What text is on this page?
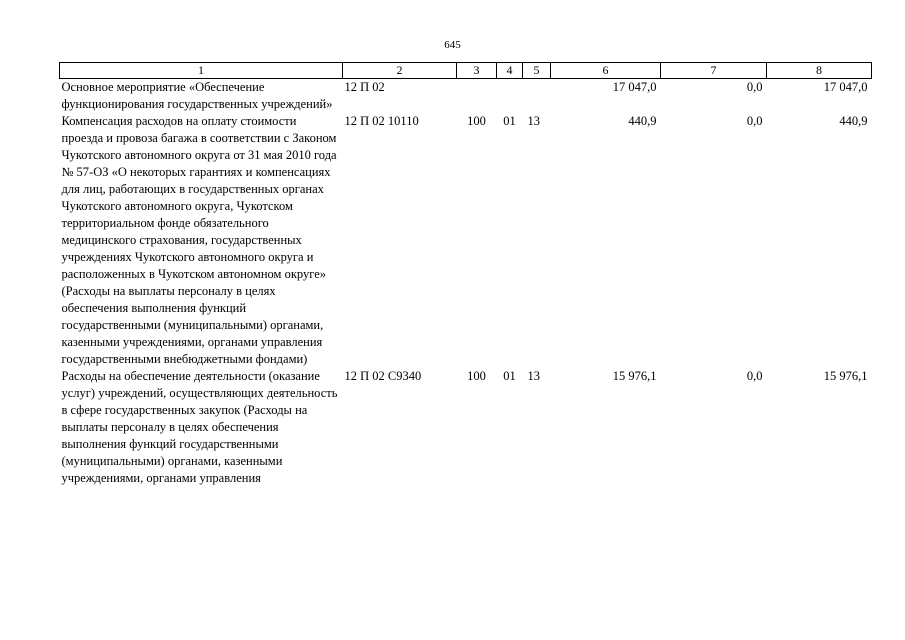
645
1	2	3	4	5	6	7	8
Основное мероприятие «Обеспечение функционирования государственных учреждений»	12 П 02				17 047,0	0,0	17 047,0
Компенсация расходов на оплату стоимости проезда и провоза багажа в соответствии с Законом Чукотского автономного округа от 31 мая 2010 года № 57-ОЗ «О некоторых гарантиях и компенсациях для лиц, работающих в государственных органах Чукотского автономного округа, Чукотском территориальном фонде обязательного медицинского страхования, государственных учреждениях Чукотского автономного округа и расположенных в Чукотском автономном округе» (Расходы на выплаты персоналу в целях обеспечения выполнения функций государственными (муниципальными) органами, казенными учреждениями, органами управления государственными внебюджетными фондами)	12 П 02 10110	100	01	13	440,9	0,0	440,9
Расходы на обеспечение деятельности (оказание услуг) учреждений, осуществляющих деятельность в сфере государственных закупок (Расходы на выплаты персоналу в целях обеспечения выполнения функций государственными (муниципальными) органами, казенными учреждениями, органами управления	12 П 02 С9340	100	01	13	15 976,1	0,0	15 976,1
